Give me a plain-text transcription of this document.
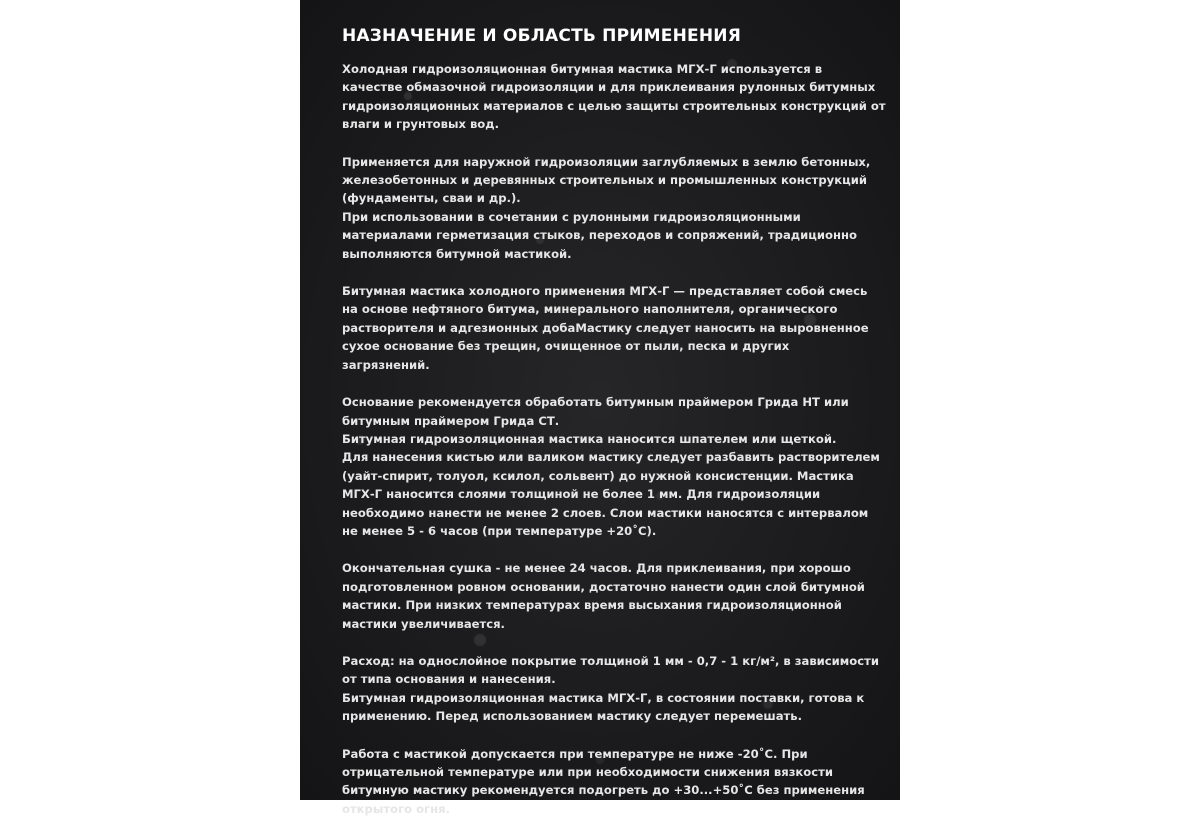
НАЗНАЧЕНИЕ И ОБЛАСТЬ ПРИМЕНЕНИЯ

Холодная гидроизоляционная битумная мастика МГХ-Г используется в
качестве обмазочной гидроизоляции и для приклеивания рулонных битумных
гидроизоляционных материалов с целью защиты строительных конструкций от
влаги и грунтовых вод.

Применяется для наружной гидроизоляции заглубляемых в землю бетонных,
железобетонных и деревянных строительных и промышленных конструкций
(фундаменты, сваи и др.).
При использовании в сочетании с рулонными гидроизоляционными
материалами герметизация стыков, переходов и сопряжений, традиционно
выполняются битумной мастикой.

Битумная мастика холодного применения МГХ-Г — представляет собой смесь
на основе нефтяного битума, минерального наполнителя, органического
растворителя и адгезионных добаМастику следует наносить на выровненное
сухое основание без трещин, очищенное от пыли, песка и других
загрязнений.

Основание рекомендуется обработать битумным праймером Грида НТ или
битумным праймером Грида СТ.
Битумная гидроизоляционная мастика наносится шпателем или щеткой.
Для нанесения кистью или валиком мастику следует разбавить растворителем
(уайт-спирит, толуол, ксилол, сольвент) до нужной консистенции. Мастика
МГХ-Г наносится слоями толщиной не более 1 мм. Для гидроизоляции
необходимо нанести не менее 2 слоев. Слои мастики наносятся с интервалом
не менее 5 - 6 часов (при температуре +20˚С).

Окончательная сушка - не менее 24 часов. Для приклеивания, при хорошо
подготовленном ровном основании, достаточно нанести один слой битумной
мастики. При низких температурах время высыхания гидроизоляционной
мастики увеличивается.

Расход: на однослойное покрытие толщиной 1 мм - 0,7 - 1 кг/м², в зависимости
от типа основания и нанесения.
Битумная гидроизоляционная мастика МГХ-Г, в состоянии поставки, готова к
применению. Перед использованием мастику следует перемешать.

Работа с мастикой допускается при температуре не ниже -20˚С. При
отрицательной температуре или при необходимости снижения вязкости
битумную мастику рекомендуется подогреть до +30...+50˚С без применения
открытого огня.
